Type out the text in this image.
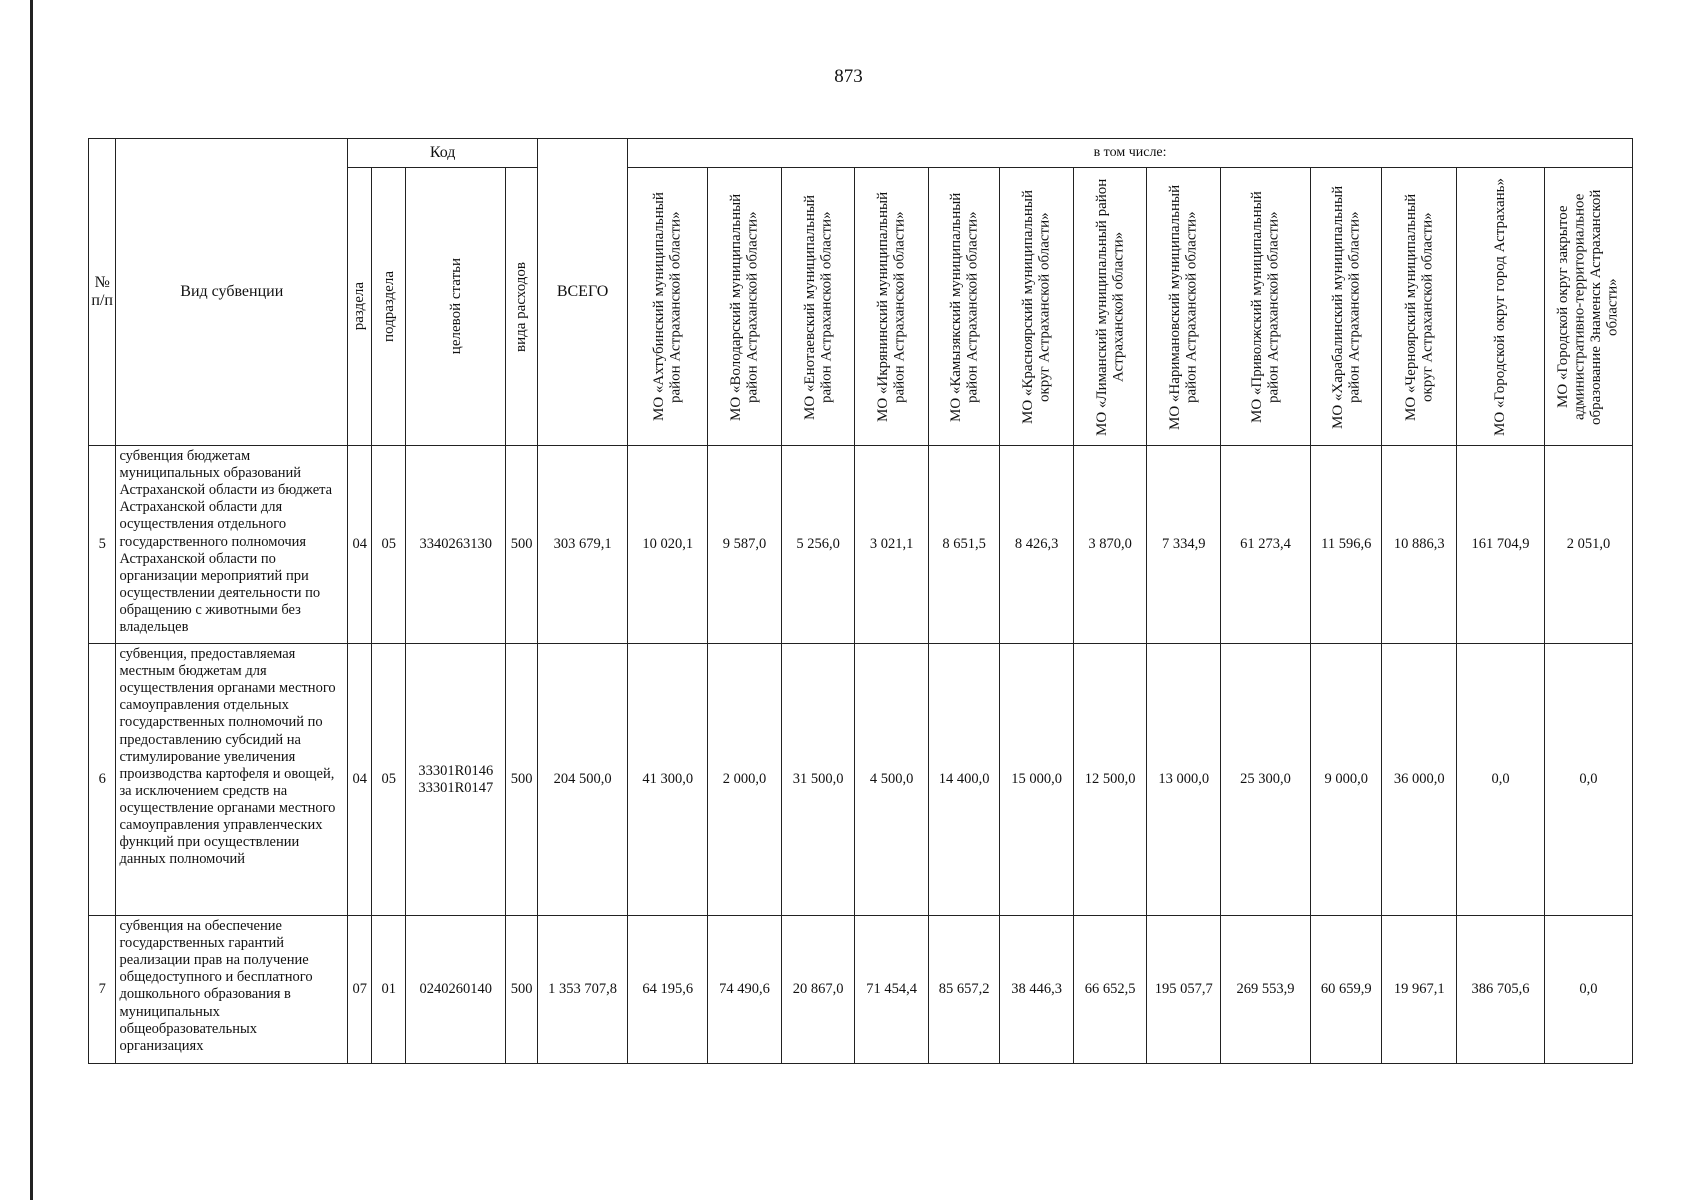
873
№ п/п	Вид субвенции	Код				ВСЕГО	в том числе:												

		раздела	подраздела	целевой статьи	вида расходов		МО «Ахтубинский муниципальный район Астраханской области»	МО «Володарский муниципальный район Астраханской области»	МО «Енотаевский муниципальный район Астраханской области»	МО «Икрянинский муниципальный район Астраханской области»	МО «Камызякский муниципальный район Астраханской области»	МО «Красноярский муниципальный округ Астраханской области»	МО «Лиманский муниципальный район Астраханской области»	МО «Наримановский муниципальный район Астраханской области»	МО «Приволжский муниципальный район Астраханской области»	МО «Харабалинский муниципальный район Астраханской области»	МО «Черноярский муниципальный округ Астраханской области»	МО «Городской округ город Астрахань»	МО «Городской округ закрытое административно-территориальное образование Знаменск Астраханской области»

5	субвенция бюджетам муниципальных образований Астраханской области из бюджета Астраханской области для осуществления отдельного государственного полномочия Астраханской области по организации мероприятий при осуществлении деятельности по обращению с животными без владельцев	04	05	3340263130	500	303 679,1	10 020,1	9 587,0	5 256,0	3 021,1	8 651,5	8 426,3	3 870,0	7 334,9	61 273,4	11 596,6	10 886,3	161 704,9	2 051,0
6	субвенция, предоставляемая местным бюджетам для осуществления органами местного самоуправления отдельных государственных полномочий по предоставлению субсидий на стимулирование увеличения производства картофеля и овощей, за исключением средств на осуществление органами местного самоуправления управленческих функций при осуществлении данных полномочий	04	05	33301R0146 33301R0147	500	204 500,0	41 300,0	2 000,0	31 500,0	4 500,0	14 400,0	15 000,0	12 500,0	13 000,0	25 300,0	9 000,0	36 000,0	0,0	0,0
7	субвенция на обеспечение государственных гарантий реализации прав на получение общедоступного и бесплатного дошкольного образования в муниципальных общеобразовательных организациях	07	01	0240260140	500	1 353 707,8	64 195,6	74 490,6	20 867,0	71 454,4	85 657,2	38 446,3	66 652,5	195 057,7	269 553,9	60 659,9	19 967,1	386 705,6	0,0
